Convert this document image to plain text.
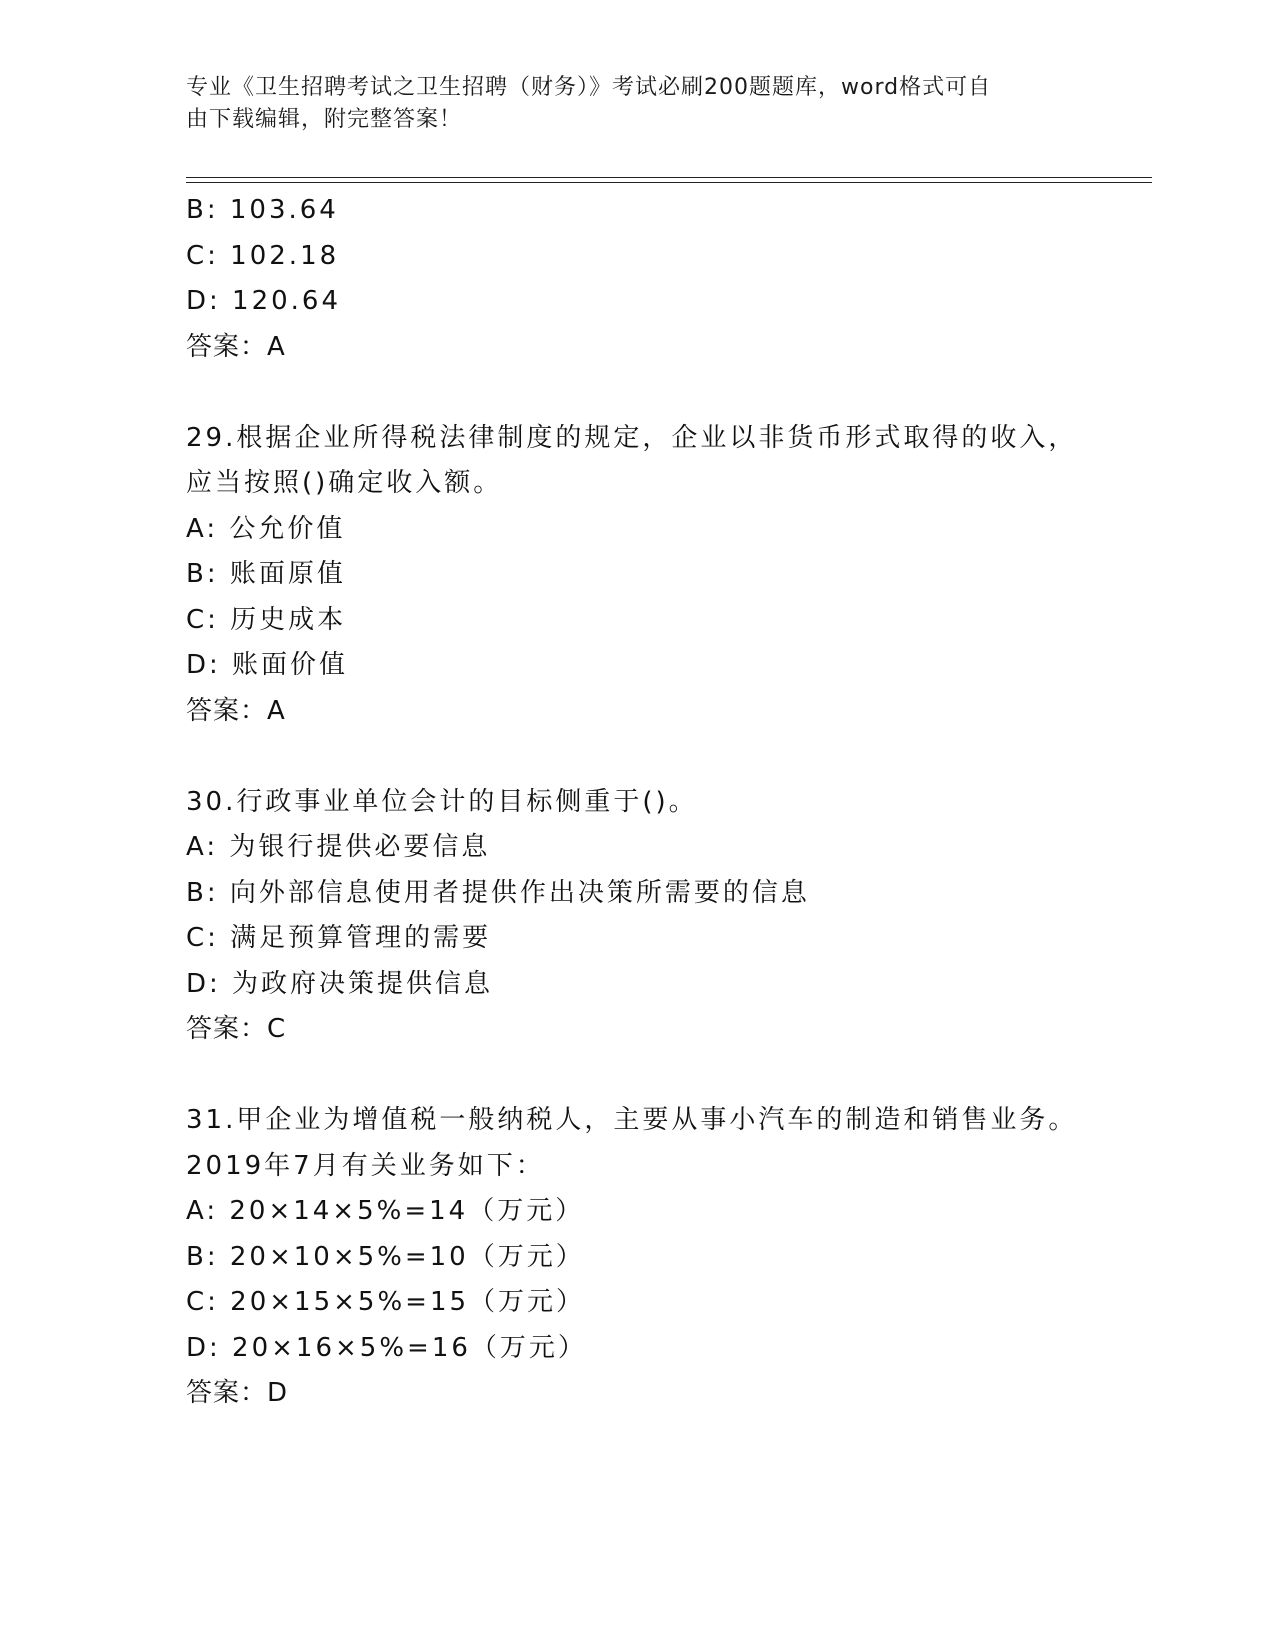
专业《卫生招聘考试之卫生招聘（财务）》考试必刷200题题库，word格式可自
由下载编辑，附完整答案！
B: 103.64
C: 102.18
D: 120.64
答案：A
29.根据企业所得税法律制度的规定，企业以非货币形式取得的收入，
应当按照()确定收入额。
A: 公允价值
B: 账面原值
C: 历史成本
D: 账面价值
答案：A
30.行政事业单位会计的目标侧重于()。
A: 为银行提供必要信息
B: 向外部信息使用者提供作出决策所需要的信息
C: 满足预算管理的需要
D: 为政府决策提供信息
答案：C
31.甲企业为增值税一般纳税人，主要从事小汽车的制造和销售业务。
2019年7月有关业务如下：
A: 20×14×5%=14（万元）
B: 20×10×5%=10（万元）
C: 20×15×5%=15（万元）
D: 20×16×5%=16（万元）
答案：D
